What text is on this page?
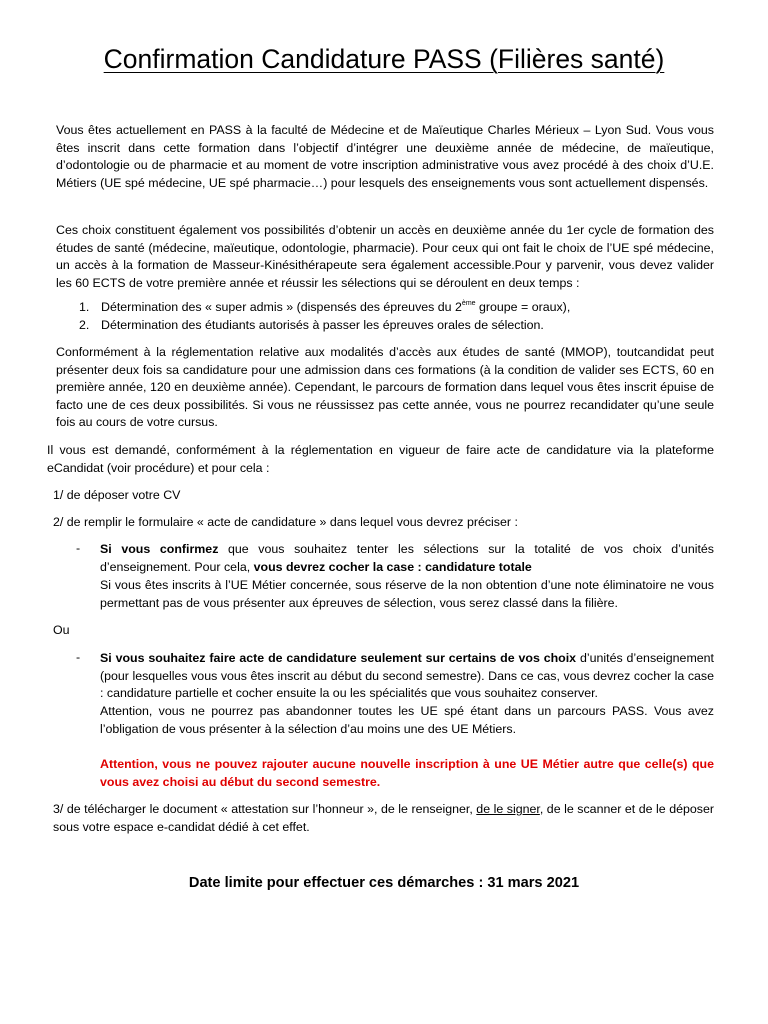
Confirmation Candidature PASS (Filières santé)

Vous êtes actuellement en PASS à la faculté de Médecine et de Maïeutique Charles Mérieux – Lyon Sud. Vous vous êtes inscrit dans cette formation dans l’objectif d’intégrer une deuxième année de médecine, de maïeutique, d’odontologie ou de pharmacie et au moment de votre inscription administrative vous avez procédé à des choix d’U.E. Métiers (UE spé médecine, UE spé pharmacie…) pour lesquels des enseignements vous sont actuellement dispensés.

Ces choix constituent également vos possibilités d’obtenir un accès en deuxième année du 1er cycle de formation des études de santé (médecine, maïeutique, odontologie, pharmacie). Pour ceux qui ont fait le choix de l’UE spé médecine, un accès à la formation de Masseur-Kinésithérapeute sera également accessible.Pour y parvenir, vous devez valider les 60 ECTS de votre première année et réussir les sélections qui se déroulent en deux temps :

1. Détermination des « super admis » (dispensés des épreuves du 2ème groupe = oraux),
2. Détermination des étudiants autorisés à passer les épreuves orales de sélection.

Conformément à la réglementation relative aux modalités d’accès aux études de santé (MMOP), toutcandidat peut présenter deux fois sa candidature pour une admission dans ces formations (à la condition de valider ses ECTS, 60 en première année, 120 en deuxième année). Cependant, le parcours de formation dans lequel vous êtes inscrit épuise de facto une de ces deux possibilités. Si vous ne réussissez pas cette année, vous ne pourrez recandidater qu’une seule fois au cours de votre cursus.

Il vous est demandé, conformément à la réglementation en vigueur de faire acte de candidature via la plateforme eCandidat (voir procédure) et pour cela :

1/ de déposer votre CV

2/ de remplir le formulaire « acte de candidature » dans lequel vous devrez préciser :

- Si vous confirmez que vous souhaitez tenter les sélections sur la totalité de vos choix d’unités d’enseignement. Pour cela, vous devrez cocher la case : candidature totale

Si vous êtes inscrits à l’UE Métier concernée, sous réserve de la non obtention d’une note éliminatoire ne vous permettant pas de vous présenter aux épreuves de sélection, vous serez classé dans la filière.

Ou

- Si vous souhaitez faire acte de candidature seulement sur certains de vos choix d’unités d’enseignement (pour lesquelles vous vous êtes inscrit au début du second semestre). Dans ce cas, vous devrez cocher la case : candidature partielle et cocher ensuite la ou les spécialités que vous souhaitez conserver.

Attention, vous ne pourrez pas abandonner toutes les UE spé étant dans un parcours PASS. Vous avez l’obligation de vous présenter à la sélection d’au moins une des UE Métiers.

Attention, vous ne pouvez rajouter aucune nouvelle inscription à une UE Métier autre que celle(s) que vous avez choisi au début du second semestre.

3/ de télécharger le document « attestation sur l’honneur », de le renseigner, de le signer, de le scanner et de le déposer sous votre espace e-candidat dédié à cet effet.

Date limite pour effectuer ces démarches : 31 mars 2021
